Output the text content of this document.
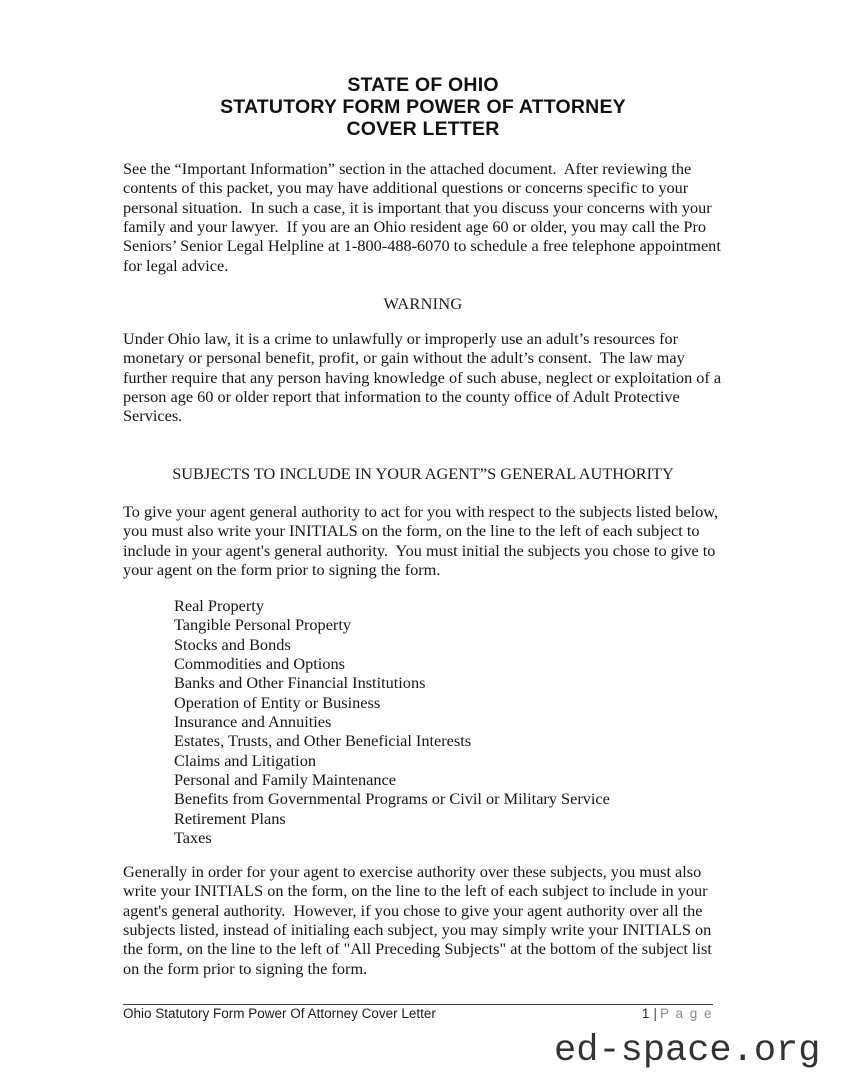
STATE OF OHIO
STATUTORY FORM POWER OF ATTORNEY
COVER LETTER
See the “Important Information” section in the attached document.  After reviewing the contents of this packet, you may have additional questions or concerns specific to your personal situation.  In such a case, it is important that you discuss your concerns with your family and your lawyer.  If you are an Ohio resident age 60 or older, you may call the Pro Seniors’ Senior Legal Helpline at 1-800-488-6070 to schedule a free telephone appointment for legal advice.
WARNING
Under Ohio law, it is a crime to unlawfully or improperly use an adult’s resources for monetary or personal benefit, profit, or gain without the adult’s consent.  The law may further require that any person having knowledge of such abuse, neglect or exploitation of a person age 60 or older report that information to the county office of Adult Protective Services.
SUBJECTS TO INCLUDE IN YOUR AGENT”S GENERAL AUTHORITY
To give your agent general authority to act for you with respect to the subjects listed below, you must also write your INITIALS on the form, on the line to the left of each subject to include in your agent's general authority.  You must initial the subjects you chose to give to your agent on the form prior to signing the form.
Real Property
Tangible Personal Property
Stocks and Bonds
Commodities and Options
Banks and Other Financial Institutions
Operation of Entity or Business
Insurance and Annuities
Estates, Trusts, and Other Beneficial Interests
Claims and Litigation
Personal and Family Maintenance
Benefits from Governmental Programs or Civil or Military Service
Retirement Plans
Taxes
Generally in order for your agent to exercise authority over these subjects, you must also write your INITIALS on the form, on the line to the left of each subject to include in your agent's general authority.  However, if you chose to give your agent authority over all the subjects listed, instead of initialing each subject, you may simply write your INITIALS on the form, on the line to the left of "All Preceding Subjects" at the bottom of the subject list on the form prior to signing the form.
Ohio Statutory Form Power Of Attorney Cover Letter	1 | P a g e
ed-space.org
